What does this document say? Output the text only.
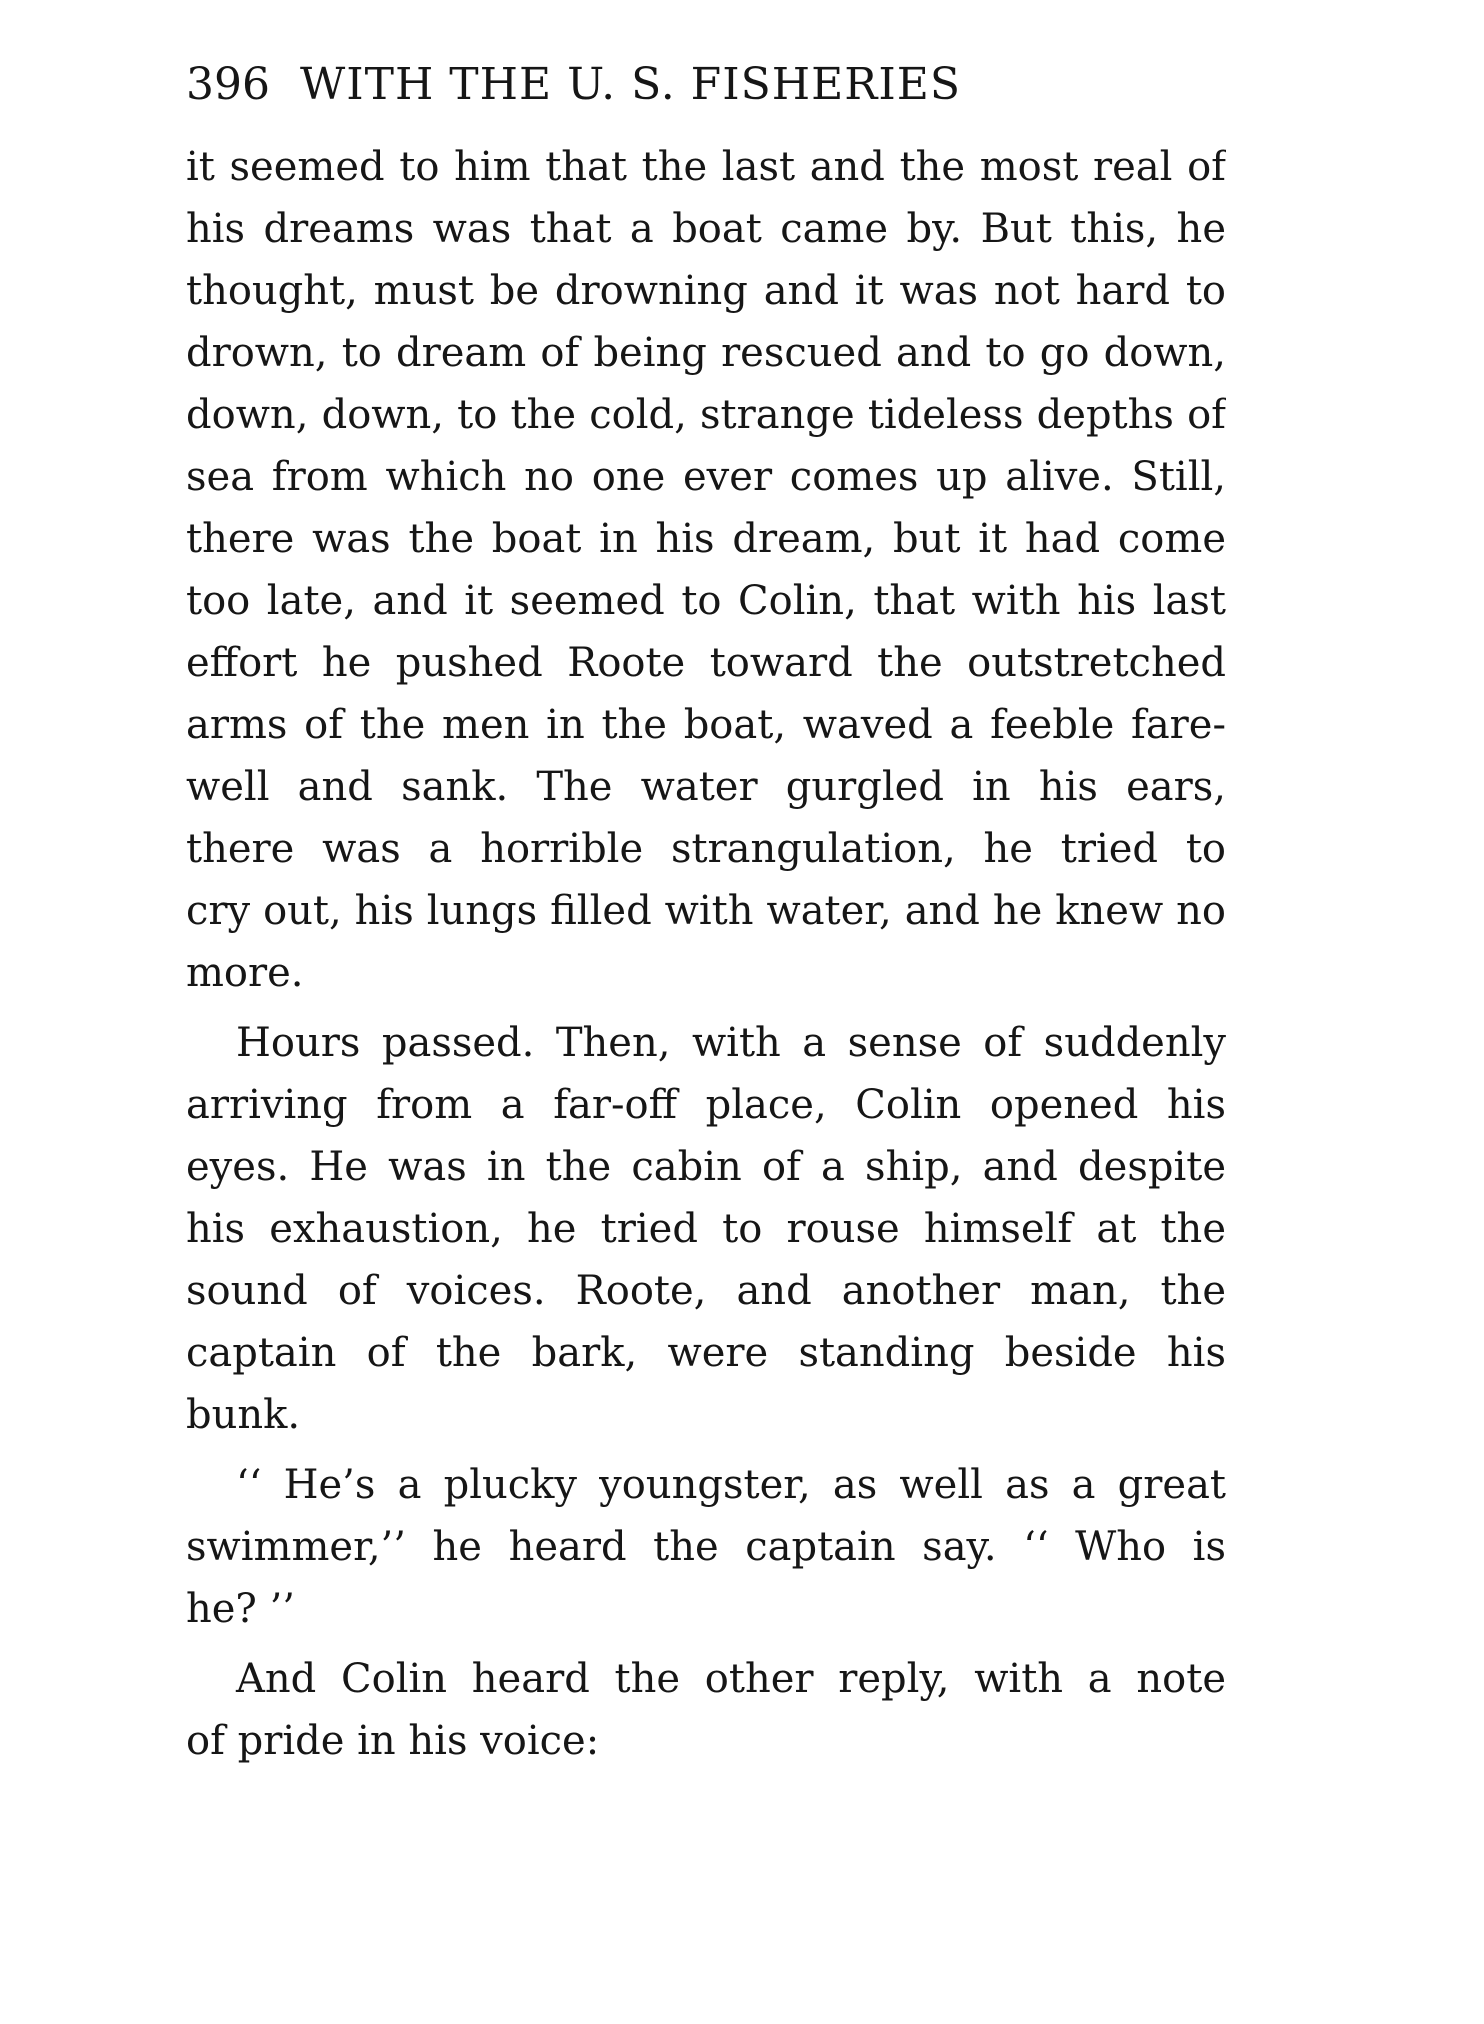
396 WITH THE U. S. FISHERIES
it seemed to him that the last and the most real of
his dreams was that a boat came by. But this, he
thought, must be drowning and it was not hard to
drown, to dream of being rescued and to go down,
down, down, to the cold, strange tideless depths of
sea from which no one ever comes up alive. Still,
there was the boat in his dream, but it had come
too late, and it seemed to Colin, that with his last
effort he pushed Roote toward the outstretched
arms of the men in the boat, waved a feeble fare-
well and sank. The water gurgled in his ears,
there was a horrible strangulation, he tried to
cry out, his lungs filled with water, and he knew no
more.
Hours passed. Then, with a sense of suddenly
arriving from a far-off place, Colin opened his
eyes. He was in the cabin of a ship, and despite
his exhaustion, he tried to rouse himself at the
sound of voices. Roote, and another man, the
captain of the bark, were standing beside his
bunk.
‘‘ He’s a plucky youngster, as well as a great
swimmer,’’ he heard the captain say. ‘‘ Who is
he? ’’
And Colin heard the other reply, with a note
of pride in his voice:
